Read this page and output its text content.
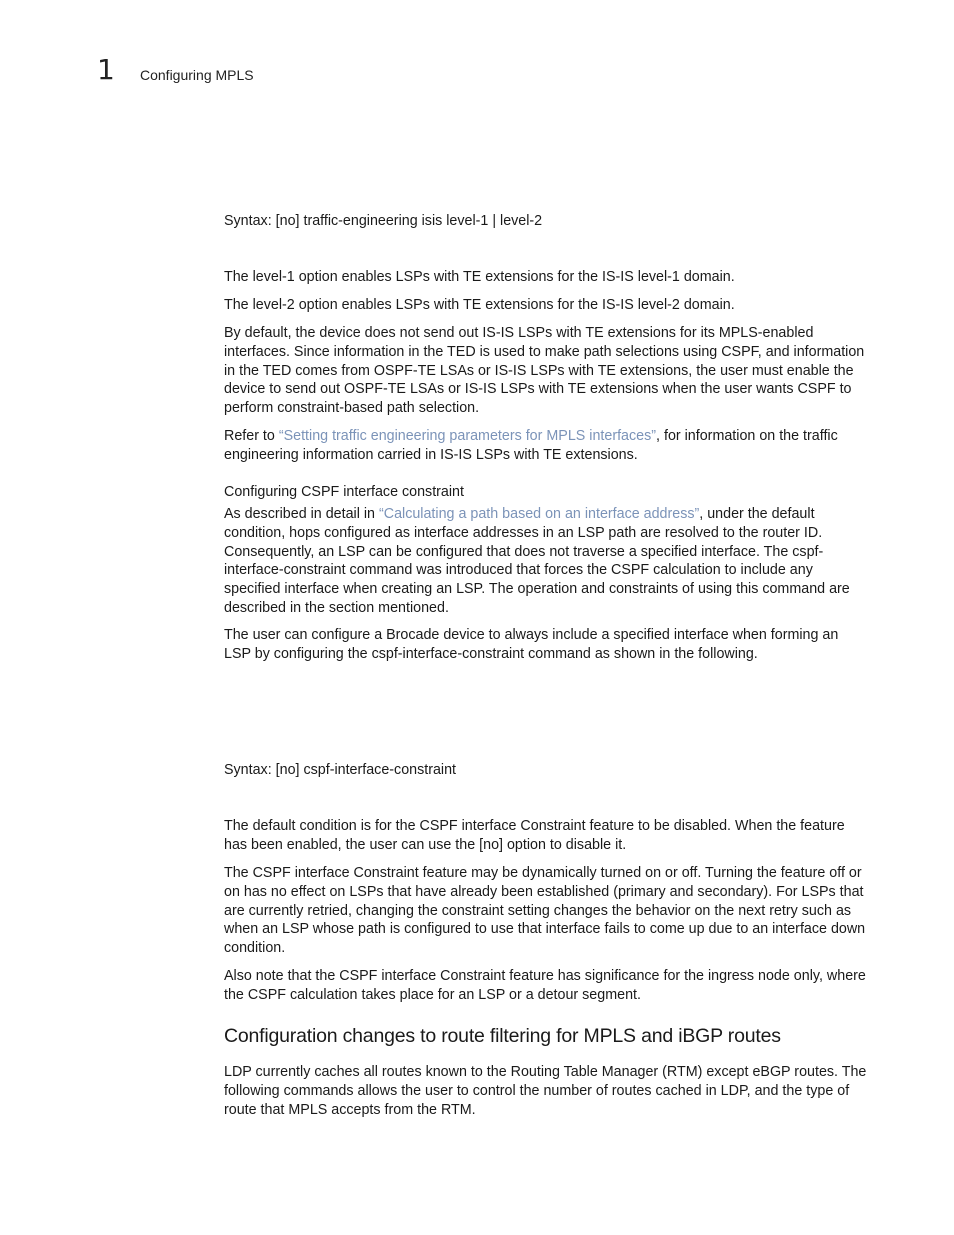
1 Configuring MPLS

Syntax: [no] traffic-engineering isis level-1 | level-2

The level-1 option enables LSPs with TE extensions for the IS-IS level-1 domain.

The level-2 option enables LSPs with TE extensions for the IS-IS level-2 domain.

By default, the device does not send out IS-IS LSPs with TE extensions for its MPLS-enabled interfaces. Since information in the TED is used to make path selections using CSPF, and information in the TED comes from OSPF-TE LSAs or IS-IS LSPs with TE extensions, the user must enable the device to send out OSPF-TE LSAs or IS-IS LSPs with TE extensions when the user wants CSPF to perform constraint-based path selection.

Refer to “Setting traffic engineering parameters for MPLS interfaces”, for information on the traffic engineering information carried in IS-IS LSPs with TE extensions.

Configuring CSPF interface constraint

As described in detail in “Calculating a path based on an interface address”, under the default condition, hops configured as interface addresses in an LSP path are resolved to the router ID. Consequently, an LSP can be configured that does not traverse a specified interface. The cspf-interface-constraint command was introduced that forces the CSPF calculation to include any specified interface when creating an LSP. The operation and constraints of using this command are described in the section mentioned.

The user can configure a Brocade device to always include a specified interface when forming an LSP by configuring the cspf-interface-constraint command as shown in the following.

Syntax: [no] cspf-interface-constraint

The default condition is for the CSPF interface Constraint feature to be disabled. When the feature has been enabled, the user can use the [no] option to disable it.

The CSPF interface Constraint feature may be dynamically turned on or off. Turning the feature off or on has no effect on LSPs that have already been established (primary and secondary). For LSPs that are currently retried, changing the constraint setting changes the behavior on the next retry such as when an LSP whose path is configured to use that interface fails to come up due to an interface down condition.

Also note that the CSPF interface Constraint feature has significance for the ingress node only, where the CSPF calculation takes place for an LSP or a detour segment.

Configuration changes to route filtering for MPLS and iBGP routes

LDP currently caches all routes known to the Routing Table Manager (RTM) except eBGP routes. The following commands allows the user to control the number of routes cached in LDP, and the type of route that MPLS accepts from the RTM.
